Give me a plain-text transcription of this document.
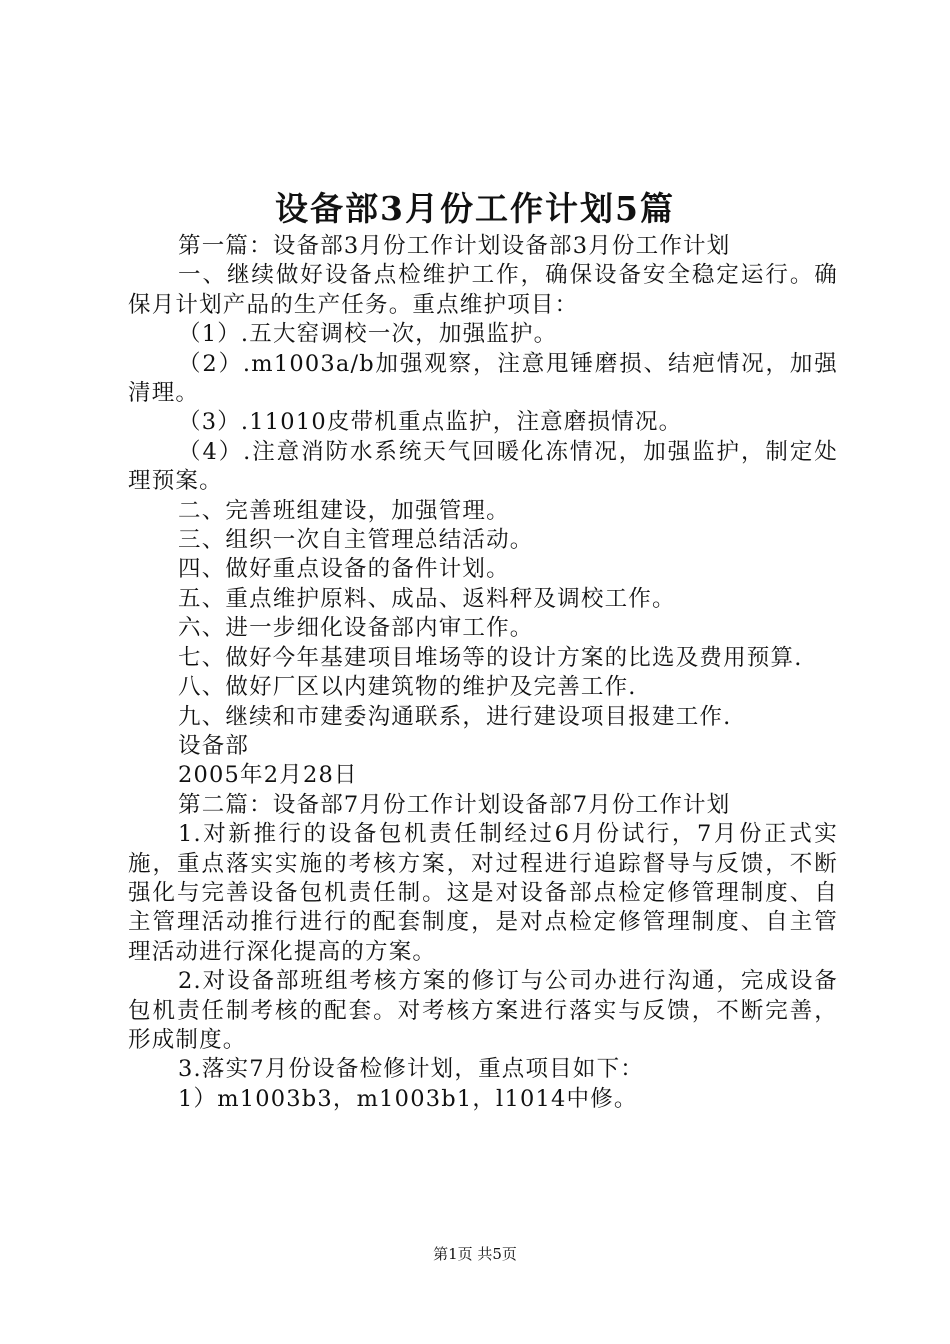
设备部3月份工作计划5篇

第一篇：设备部3月份工作计划设备部3月份工作计划

一、继续做好设备点检维护工作，确保设备安全稳定运行。确保月计划产品的生产任务。重点维护项目：

（1）.五大窑调校一次，加强监护。

（2）.m1003a/b加强观察，注意甩锤磨损、结疤情况，加强清理。

（3）.11010皮带机重点监护，注意磨损情况。

（4）.注意消防水系统天气回暖化冻情况，加强监护，制定处理预案。

二、完善班组建设，加强管理。

三、组织一次自主管理总结活动。

四、做好重点设备的备件计划。

五、重点维护原料、成品、返料秤及调校工作。

六、进一步细化设备部内审工作。

七、做好今年基建项目堆场等的设计方案的比选及费用预算.

八、做好厂区以内建筑物的维护及完善工作.

九、继续和市建委沟通联系，进行建设项目报建工作.

设备部

2005年2月28日

第二篇：设备部7月份工作计划设备部7月份工作计划

1.对新推行的设备包机责任制经过6月份试行，7月份正式实施，重点落实实施的考核方案，对过程进行追踪督导与反馈，不断强化与完善设备包机责任制。这是对设备部点检定修管理制度、自主管理活动推行进行的配套制度，是对点检定修管理制度、自主管理活动进行深化提高的方案。

2.对设备部班组考核方案的修订与公司办进行沟通，完成设备包机责任制考核的配套。对考核方案进行落实与反馈，不断完善，形成制度。

3.落实7月份设备检修计划，重点项目如下：

1）m1003b3，m1003b1，l1014中修。

第1页 共5页
